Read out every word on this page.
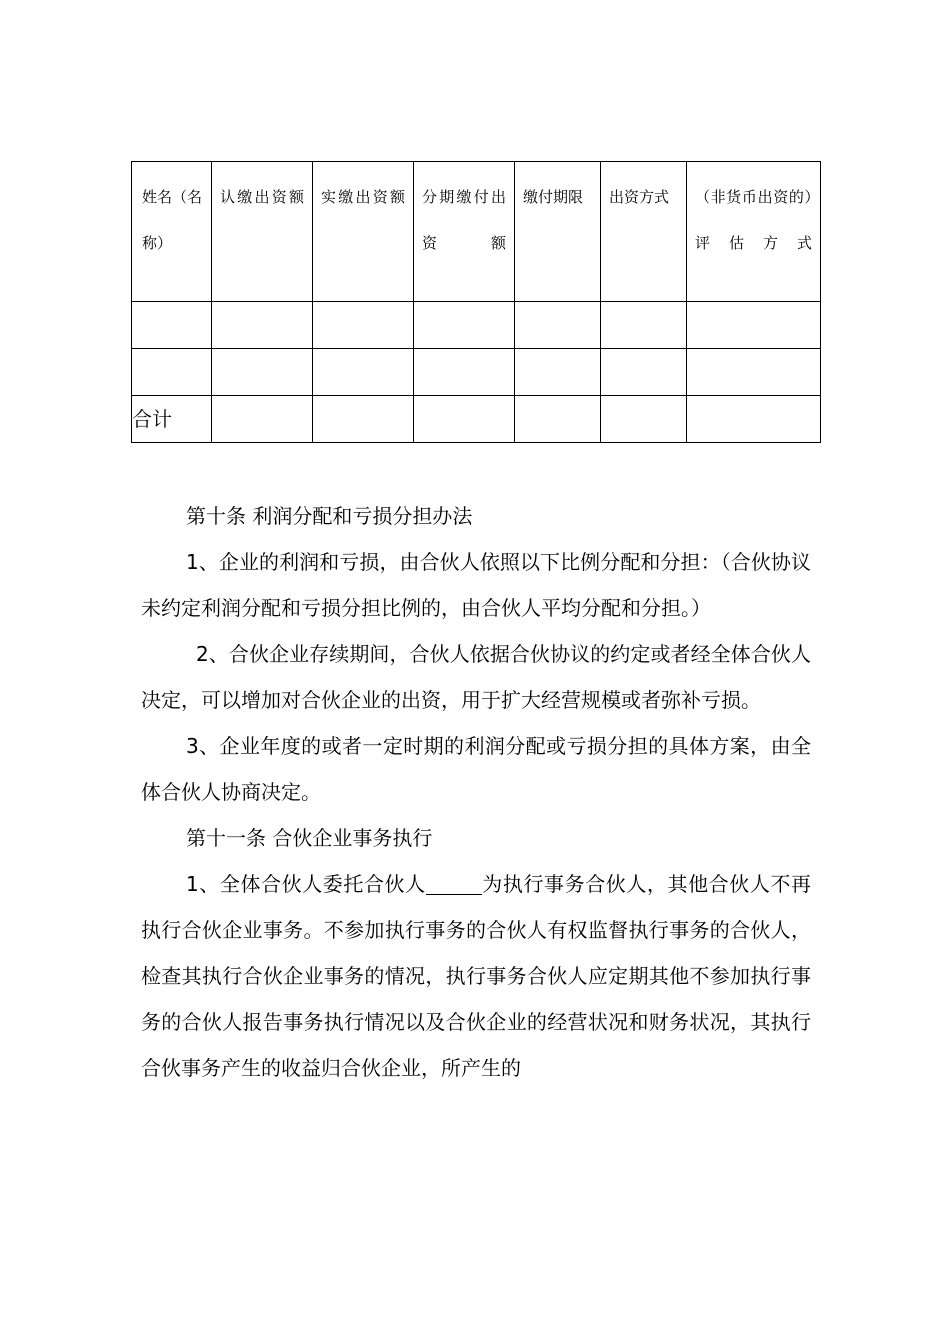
姓名（名称）	认缴出资额	实缴出资额	分期缴付出资额	缴付期限	出资方式	（非货币出资的）评估方式

合计						

第十条 利润分配和亏损分担办法

1、企业的利润和亏损，由合伙人依照以下比例分配和分担：（合伙协议未约定利润分配和亏损分担比例的，由合伙人平均分配和分担。）

2、合伙企业存续期间，合伙人依据合伙协议的约定或者经全体合伙人决定，可以增加对合伙企业的出资，用于扩大经营规模或者弥补亏损。

3、企业年度的或者一定时期的利润分配或亏损分担的具体方案，由全体合伙人协商决定。

第十一条 合伙企业事务执行

1、全体合伙人委托合伙人	为执行事务合伙人，其他合伙人不再执行合伙企业事务。不参加执行事务的合伙人有权监督执行事务的合伙人，检查其执行合伙企业事务的情况，执行事务合伙人应定期其他不参加执行事务的合伙人报告事务执行情况以及合伙企业的经营状况和财务状况，其执行合伙事务产生的收益归合伙企业，所产生的
